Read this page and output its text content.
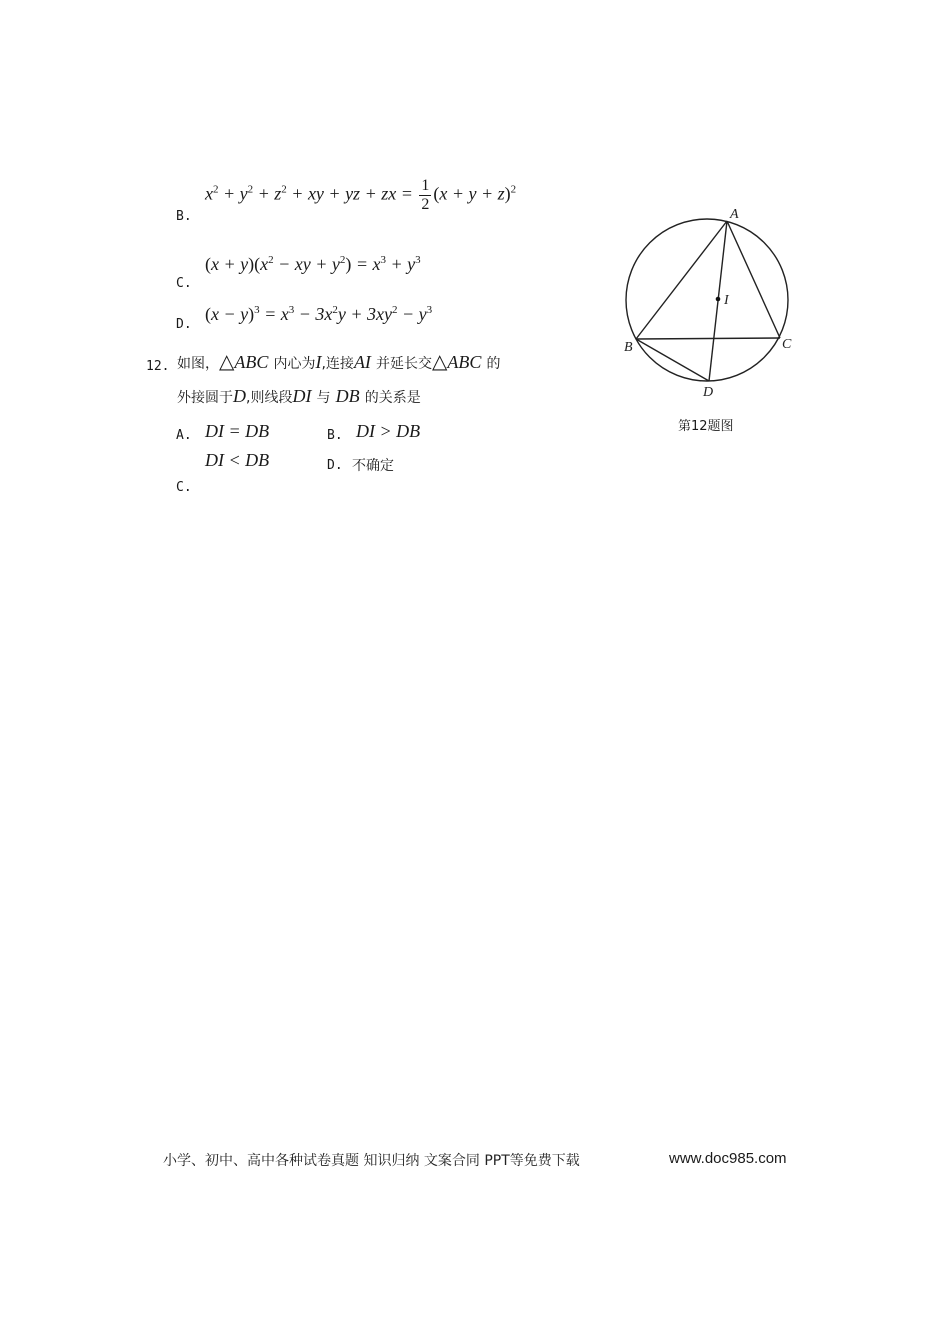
B.
$x^2 + y^2 + z^2$ + xy + yz + zx = $\frac{1}{2} (x + y + z)^2$
C.
$(x + y)(x^2$ − xy + $y^2) = x^3 + y^3$
D.
$(x - y)^3 = x^3 - 3x^2y + 3xy^2 - y^3$
12. 如图，△ABC 内心为I,连接AI 并延长交△ABC 的
外接圆于D,则线段DI 与 DB 的关系是
A. DI = DB	B. DI > DB
DI < DB	D. 不确定
C.
A
B	C
D
I
第12题图
小学、初中、高中各种试卷真题 知识归纳 文案合同 PPT等免费下载	www.doc985.com
